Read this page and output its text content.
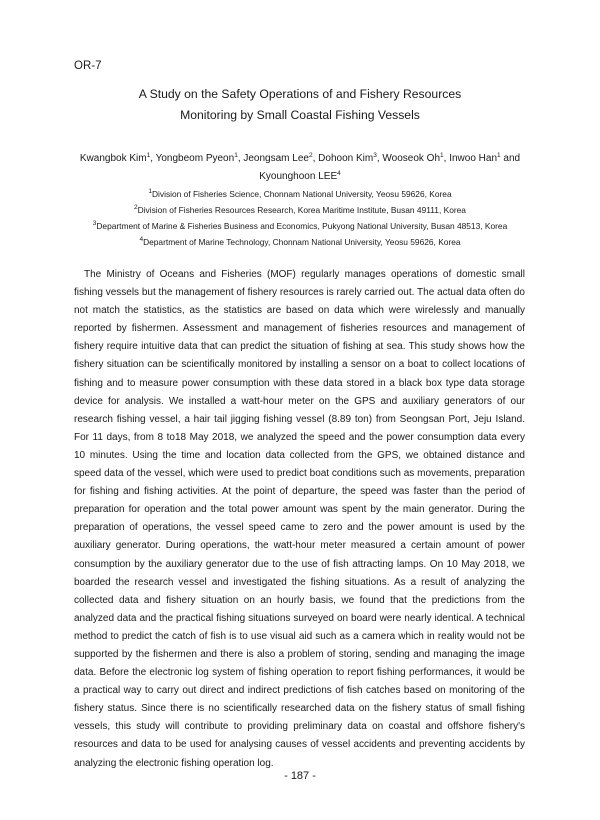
OR-7
A Study on the Safety Operations of and Fishery Resources
Monitoring by Small Coastal Fishing Vessels
Kwangbok Kim$^1$, Yongbeom Pyeon$^1$, Jeongsam Lee$^2$, Dohoon Kim$^3$, Wooseok Oh$^1$, Inwoo Han$^1$ and Kyounghoon LEE$^4$
$^1$Division of Fisheries Science, Chonnam National University, Yeosu 59626, Korea
$^2$Division of Fisheries Resources Research, Korea Maritime Institute, Busan 49111, Korea
$^3$Department of Marine & Fisheries Business and Economics, Pukyong National University, Busan 48513, Korea
$^4$Department of Marine Technology, Chonnam National University, Yeosu 59626, Korea

The Ministry of Oceans and Fisheries (MOF) regularly manages operations of domestic small fishing vessels but the management of fishery resources is rarely carried out. The actual data often do not match the statistics, as the statistics are based on data which were wirelessly and manually reported by fishermen. Assessment and management of fisheries resources and management of fishery require intuitive data that can predict the situation of fishing at sea. This study shows how the fishery situation can be scientifically monitored by installing a sensor on a boat to collect locations of fishing and to measure power consumption with these data stored in a black box type data storage device for analysis. We installed a watt-hour meter on the GPS and auxiliary generators of our research fishing vessel, a hair tail jigging fishing vessel (8.89 ton) from Seongsan Port, Jeju Island. For 11 days, from 8 to18 May 2018, we analyzed the speed and the power consumption data every 10 minutes. Using the time and location data collected from the GPS, we obtained distance and speed data of the vessel, which were used to predict boat conditions such as movements, preparation for fishing and fishing activities. At the point of departure, the speed was faster than the period of preparation for operation and the total power amount was spent by the main generator. During the preparation of operations, the vessel speed came to zero and the power amount is used by the auxiliary generator. During operations, the watt-hour meter measured a certain amount of power consumption by the auxiliary generator due to the use of fish attracting lamps. On 10 May 2018, we boarded the research vessel and investigated the fishing situations. As a result of analyzing the collected data and fishery situation on an hourly basis, we found that the predictions from the analyzed data and the practical fishing situations surveyed on board were nearly identical. A technical method to predict the catch of fish is to use visual aid such as a camera which in reality would not be supported by the fishermen and there is also a problem of storing, sending and managing the image data. Before the electronic log system of fishing operation to report fishing performances, it would be a practical way to carry out direct and indirect predictions of fish catches based on monitoring of the fishery status. Since there is no scientifically researched data on the fishery status of small fishing vessels, this study will contribute to providing preliminary data on coastal and offshore fishery's resources and data to be used for analysing causes of vessel accidents and preventing accidents by analyzing the electronic fishing operation log.

- 187 -
